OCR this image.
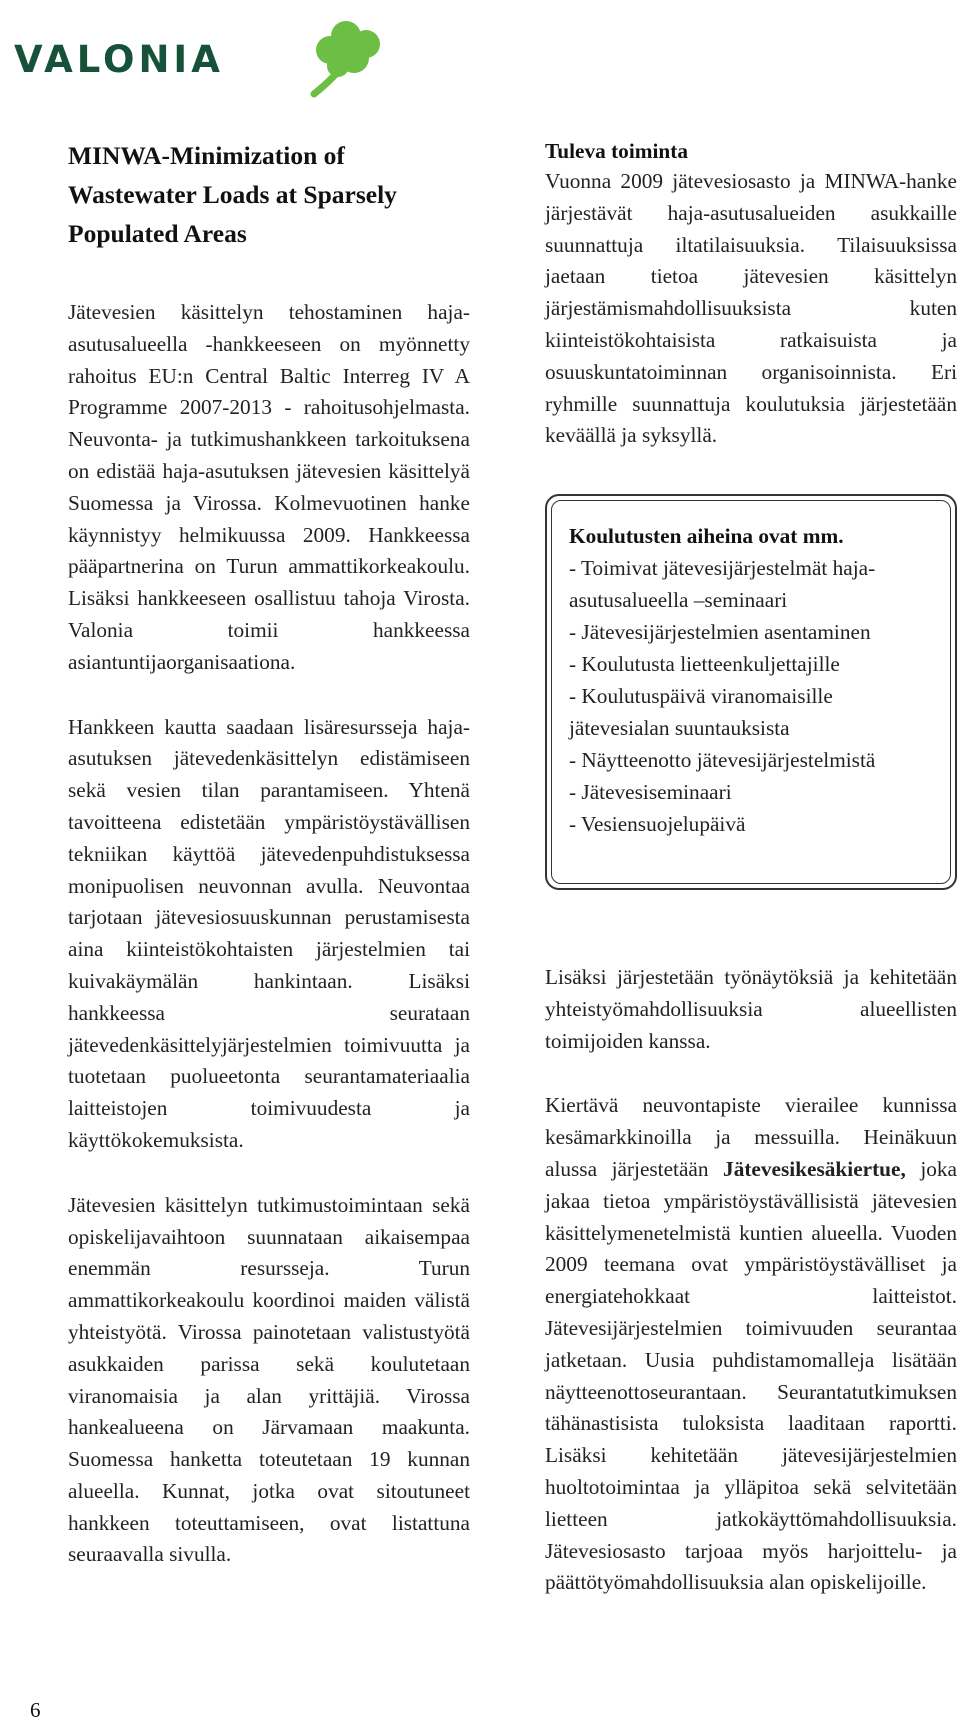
VALONIA
MINWA-Minimization of Wastewater Loads at Sparsely Populated Areas

Jätevesien käsittelyn tehostaminen haja-asutusalueella -hankkeeseen on myönnetty rahoitus EU:n Central Baltic Interreg IV A Programme 2007-2013 - rahoitusohjelmasta. Neuvonta- ja tutkimushankkeen tarkoituksena on edistää haja-asutuksen jätevesien käsittelyä Suomessa ja Virossa. Kolmevuotinen hanke käynnistyy helmikuussa 2009. Hankkeessa pääpartnerina on Turun ammattikorkeakoulu. Lisäksi hankkeeseen osallistuu tahoja Virosta. Valonia toimii hankkeessa asiantuntijaorganisaationa.

Hankkeen kautta saadaan lisäresursseja haja-asutuksen jätevedenkäsittelyn edistämiseen sekä vesien tilan parantamiseen. Yhtenä tavoitteena edistetään ympäristöystävällisen tekniikan käyttöä jätevedenpuhdistuksessa monipuolisen neuvonnan avulla. Neuvontaa tarjotaan jätevesiosuuskunnan perustamisesta aina kiinteistökohtaisten järjestelmien tai kuivakäymälän hankintaan. Lisäksi hankkeessa seurataan jätevedenkäsittelyjärjestelmien toimivuutta ja tuotetaan puolueetonta seurantamateriaalia laitteistojen toimivuudesta ja käyttökokemuksista.

Jätevesien käsittelyn tutkimustoimintaan sekä opiskelijavaihtoon suunnataan aikaisempaa enemmän resursseja. Turun ammattikorkeakoulu koordinoi maiden välistä yhteistyötä. Virossa painotetaan valistustyötä asukkaiden parissa sekä koulutetaan viranomaisia ja alan yrittäjiä. Virossa hankealueena on Järvamaan maakunta. Suomessa hanketta toteutetaan 19 kunnan alueella. Kunnat, jotka ovat sitoutuneet hankkeen toteuttamiseen, ovat listattuna seuraavalla sivulla.

Tuleva toiminta

Vuonna 2009 jätevesiosasto ja MINWA-hanke järjestävät haja-asutusalueiden asukkaille suunnattuja iltatilaisuuksia. Tilaisuuksissa jaetaan tietoa jätevesien käsittelyn järjestämismahdollisuuksista kuten kiinteistökohtaisista ratkaisuista ja osuuskuntatoiminnan organisoinnista. Eri ryhmille suunnattuja koulutuksia järjestetään keväällä ja syksyllä.

Koulutusten aiheina ovat mm.
- Toimivat jätevesijärjestelmät haja-asutusalueella –seminaari
- Jätevesijärjestelmien asentaminen
- Koulutusta lietteenkuljettajille
- Koulutuspäivä viranomaisille jätevesialan suuntauksista
- Näytteenotto jätevesijärjestelmistä
- Jätevesiseminaari
- Vesiensuojelupäivä

Lisäksi järjestetään työnäytöksiä ja kehitetään yhteistyömahdollisuuksia alueellisten toimijoiden kanssa.

Kiertävä neuvontapiste vierailee kunnissa kesämarkkinoilla ja messuilla. Heinäkuun alussa järjestetään Jätevesikesäkiertue, joka jakaa tietoa ympäristöystävällisistä jätevesien käsittelymenetelmistä kuntien alueella. Vuoden 2009 teemana ovat ympäristöystävälliset ja energiatehokkaat laitteistot. Jätevesijärjestelmien toimivuuden seurantaa jatketaan. Uusia puhdistamomalleja lisätään näytteenottoseurantaan. Seurantatutkimuksen tähänastisista tuloksista laaditaan raportti. Lisäksi kehitetään jätevesijärjestelmien huoltotoimintaa ja ylläpitoa sekä selvitetään lietteen jatkokäyttömahdollisuuksia. Jätevesiosasto tarjoaa myös harjoittelu- ja päättötyömahdollisuuksia alan opiskelijoille.

6
